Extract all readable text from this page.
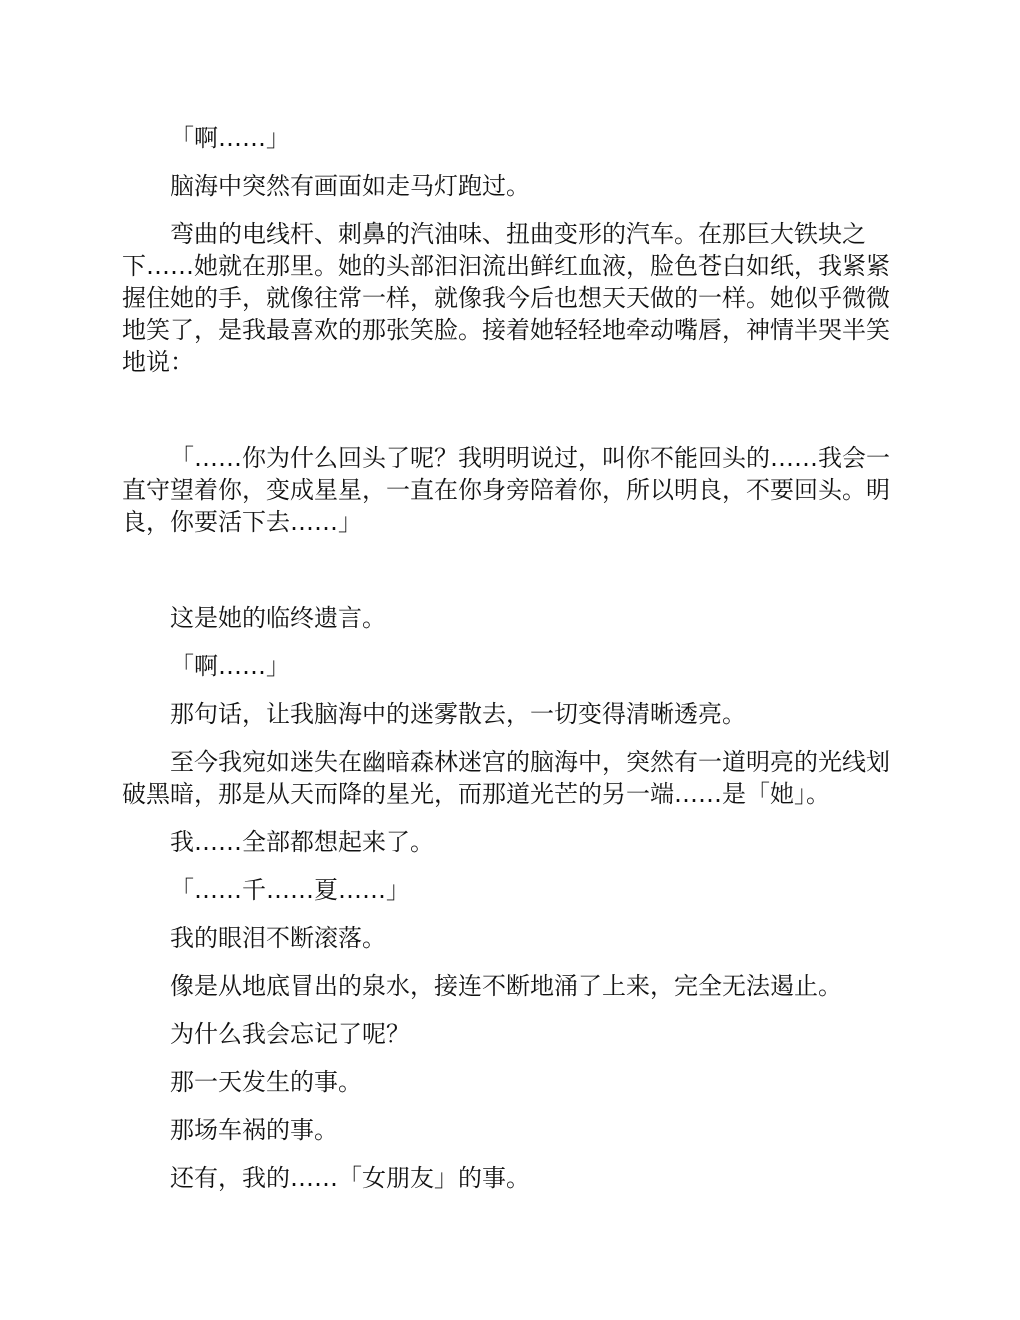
「啊……」

脑海中突然有画面如走马灯跑过。

弯曲的电线杆、刺鼻的汽油味、扭曲变形的汽车。在那巨大铁块之下……她就在那里。她的头部汩汩流出鲜红血液，脸色苍白如纸，我紧紧握住她的手，就像往常一样，就像我今后也想天天做的一样。她似乎微微地笑了，是我最喜欢的那张笑脸。接着她轻轻地牵动嘴唇，神情半哭半笑地说：

「……你为什么回头了呢？我明明说过，叫你不能回头的……我会一直守望着你，变成星星，一直在你身旁陪着你，所以明良，不要回头。明良，你要活下去……」

这是她的临终遗言。

「啊……」

那句话，让我脑海中的迷雾散去，一切变得清晰透亮。

至今我宛如迷失在幽暗森林迷宫的脑海中，突然有一道明亮的光线划破黑暗，那是从天而降的星光，而那道光芒的另一端……是「她」。

我……全部都想起来了。

「……千……夏……」

我的眼泪不断滚落。

像是从地底冒出的泉水，接连不断地涌了上来，完全无法遏止。

为什么我会忘记了呢？

那一天发生的事。

那场车祸的事。

还有，我的……「女朋友」的事。
